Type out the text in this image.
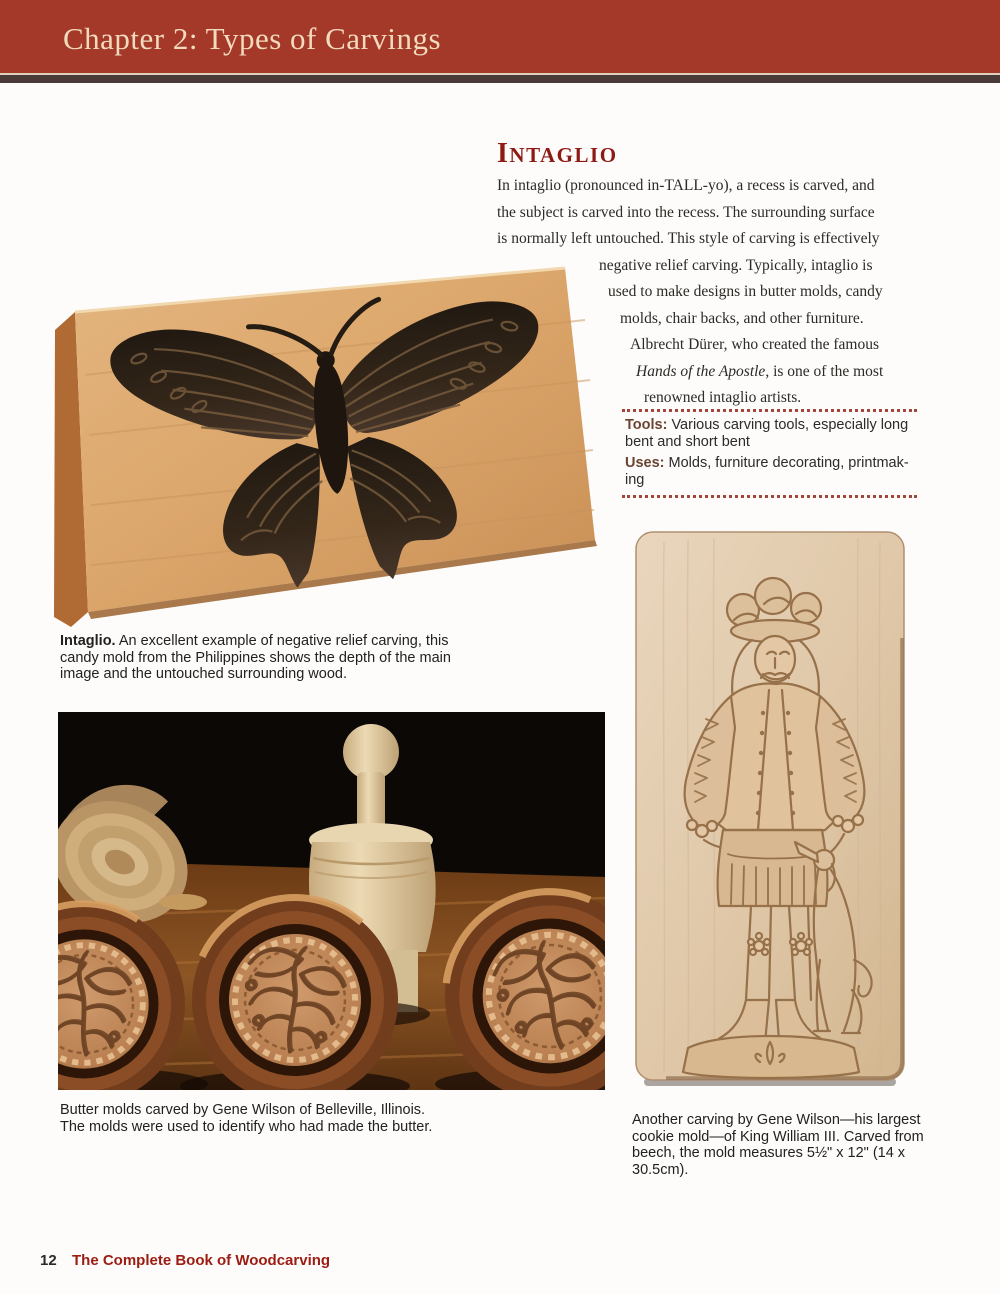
Chapter 2: Types of Carvings
INTAGLIO
In intaglio (pronounced in-TALL-yo), a recess is carved, and
the subject is carved into the recess. The surrounding surface
is normally left untouched. This style of carving is effectively
negative relief carving. Typically, intaglio is
used to make designs in butter molds, candy
molds, chair backs, and other furniture.
Albrecht Dürer, who created the famous
Hands of the Apostle, is one of the most
renowned intaglio artists.
Tools: Various carving tools, especially long
bent and short bent
Uses: Molds, furniture decorating, printmak-
ing
Intaglio. An excellent example of negative relief carving, this
candy mold from the Philippines shows the depth of the main
image and the untouched surrounding wood.
Butter molds carved by Gene Wilson of Belleville, Illinois.
The molds were used to identify who had made the butter.	Another carving by Gene Wilson—his largest
cookie mold—of King William III. Carved from
beech, the mold measures 5½" x 12" (14 x
30.5cm).
12 The Complete Book of Woodcarving
